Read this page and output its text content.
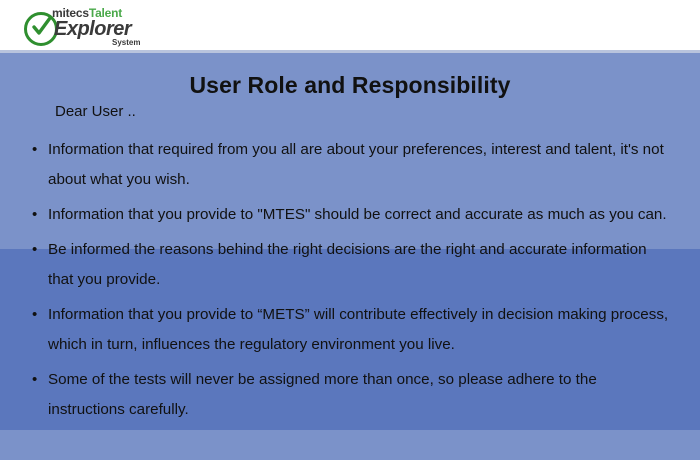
mitecsTalent
Explorer
System
User Role and Responsibility
Dear User ..
• Information that required from you all are about your preferences, interest and talent, it's not about what you wish.
• Information that you provide to "MTES" should be correct and accurate as much as you can.
• Be informed the reasons behind the right decisions are the right and accurate information that you provide.
• Information that you provide to “METS” will contribute effectively in decision making process, which in turn, influences the regulatory environment you live.
• Some of the tests will never be assigned more than once, so please adhere to the instructions carefully.
